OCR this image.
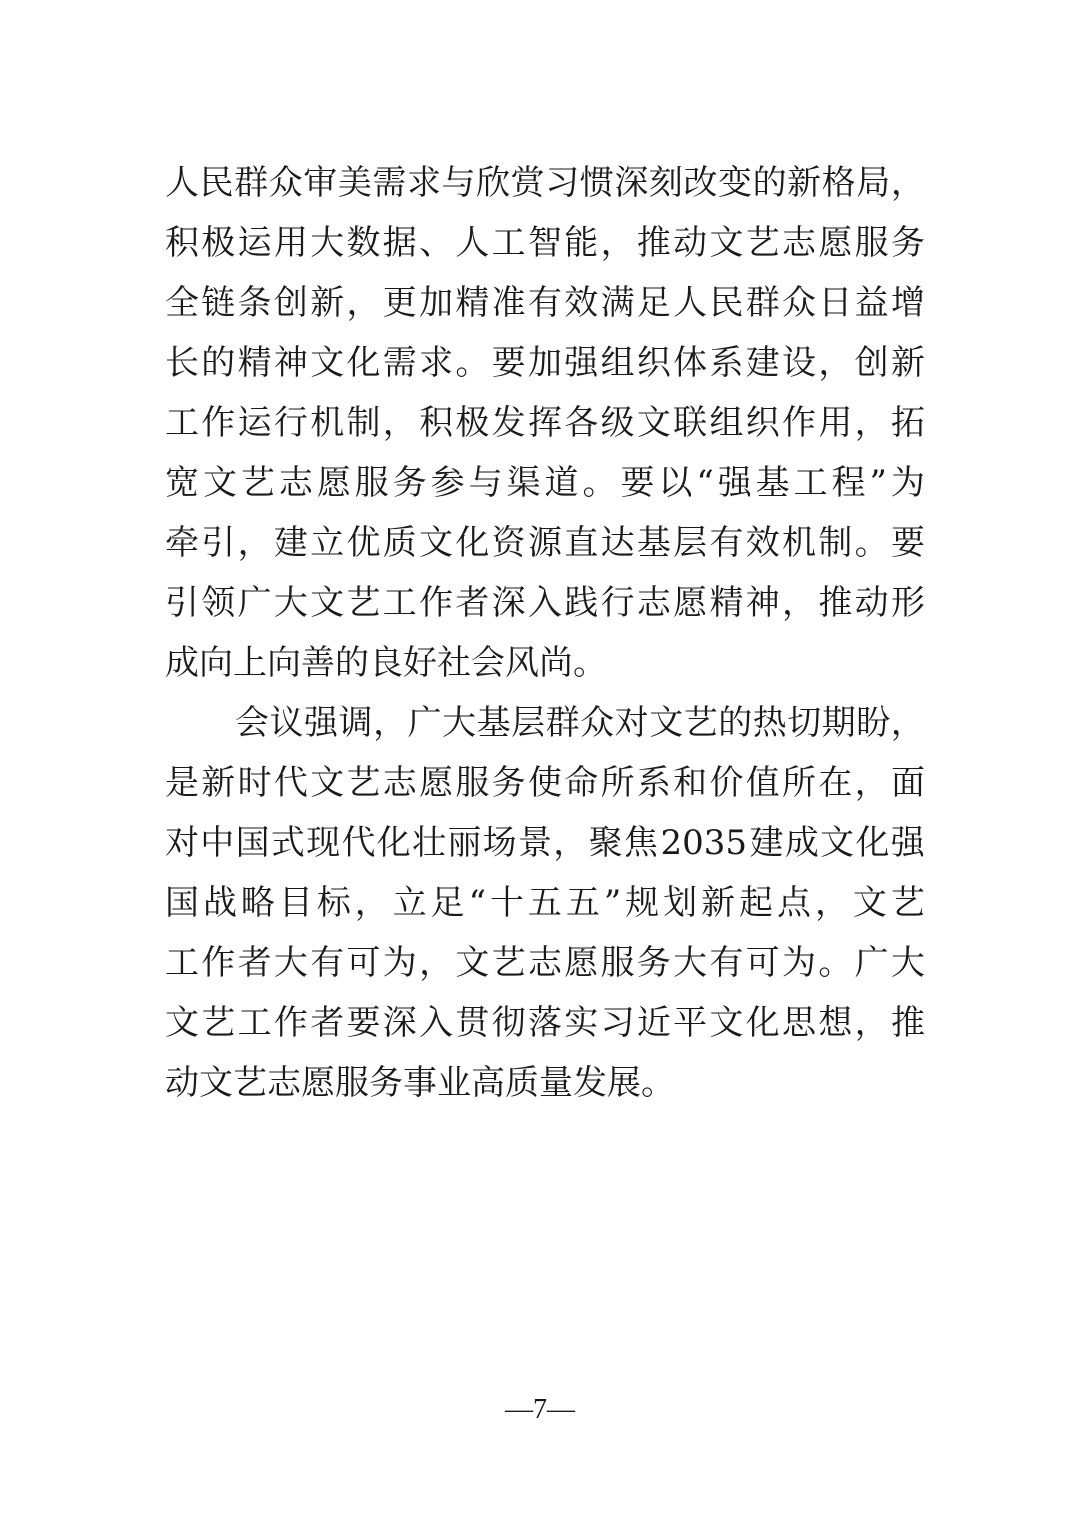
人 民 群 众 审 美 需 求 与 欣 赏 习 惯 深 刻 改 变 的 新 格 局 ，
积 极 运 用 大 数 据 、 人 工 智 能 ， 推 动 文 艺 志 愿 服 务
全 链 条 创 新 ， 更 加 精 准 有 效 满 足 人 民 群 众 日 益 增
长 的 精 神 文 化 需 求 。 要 加 强 组 织 体 系 建 设 ， 创 新
工 作 运 行 机 制 ， 积 极 发 挥 各 级 文 联 组 织 作 用 ， 拓
宽 文 艺 志 愿 服 务 参 与 渠 道 。 要 以 “ 强 基 工 程 ” 为
牵 引 ， 建 立 优 质 文 化 资 源 直 达 基 层 有 效 机 制 。 要
引 领 广 大 文 艺 工 作 者 深 入 践 行 志 愿 精 神 ， 推 动 形
成向上向善的良好社会风尚。
会 议 强 调 ， 广 大 基 层 群 众 对 文 艺 的 热 切 期 盼 ，
是 新 时 代 文 艺 志 愿 服 务 使 命 所 系 和 价 值 所 在 ， 面
对 中 国 式 现 代 化 壮 丽 场 景 ， 聚 焦 2035 建 成 文 化 强
国 战 略 目 标 ， 立 足 “ 十 五 五 ” 规 划 新 起 点 ， 文 艺
工 作 者 大 有 可 为 ， 文 艺 志 愿 服 务 大 有 可 为 。 广 大
文 艺 工 作 者 要 深 入 贯 彻 落 实 习 近 平 文 化 思 想 ， 推
动文艺志愿服务事业高质量发展。
—7—
